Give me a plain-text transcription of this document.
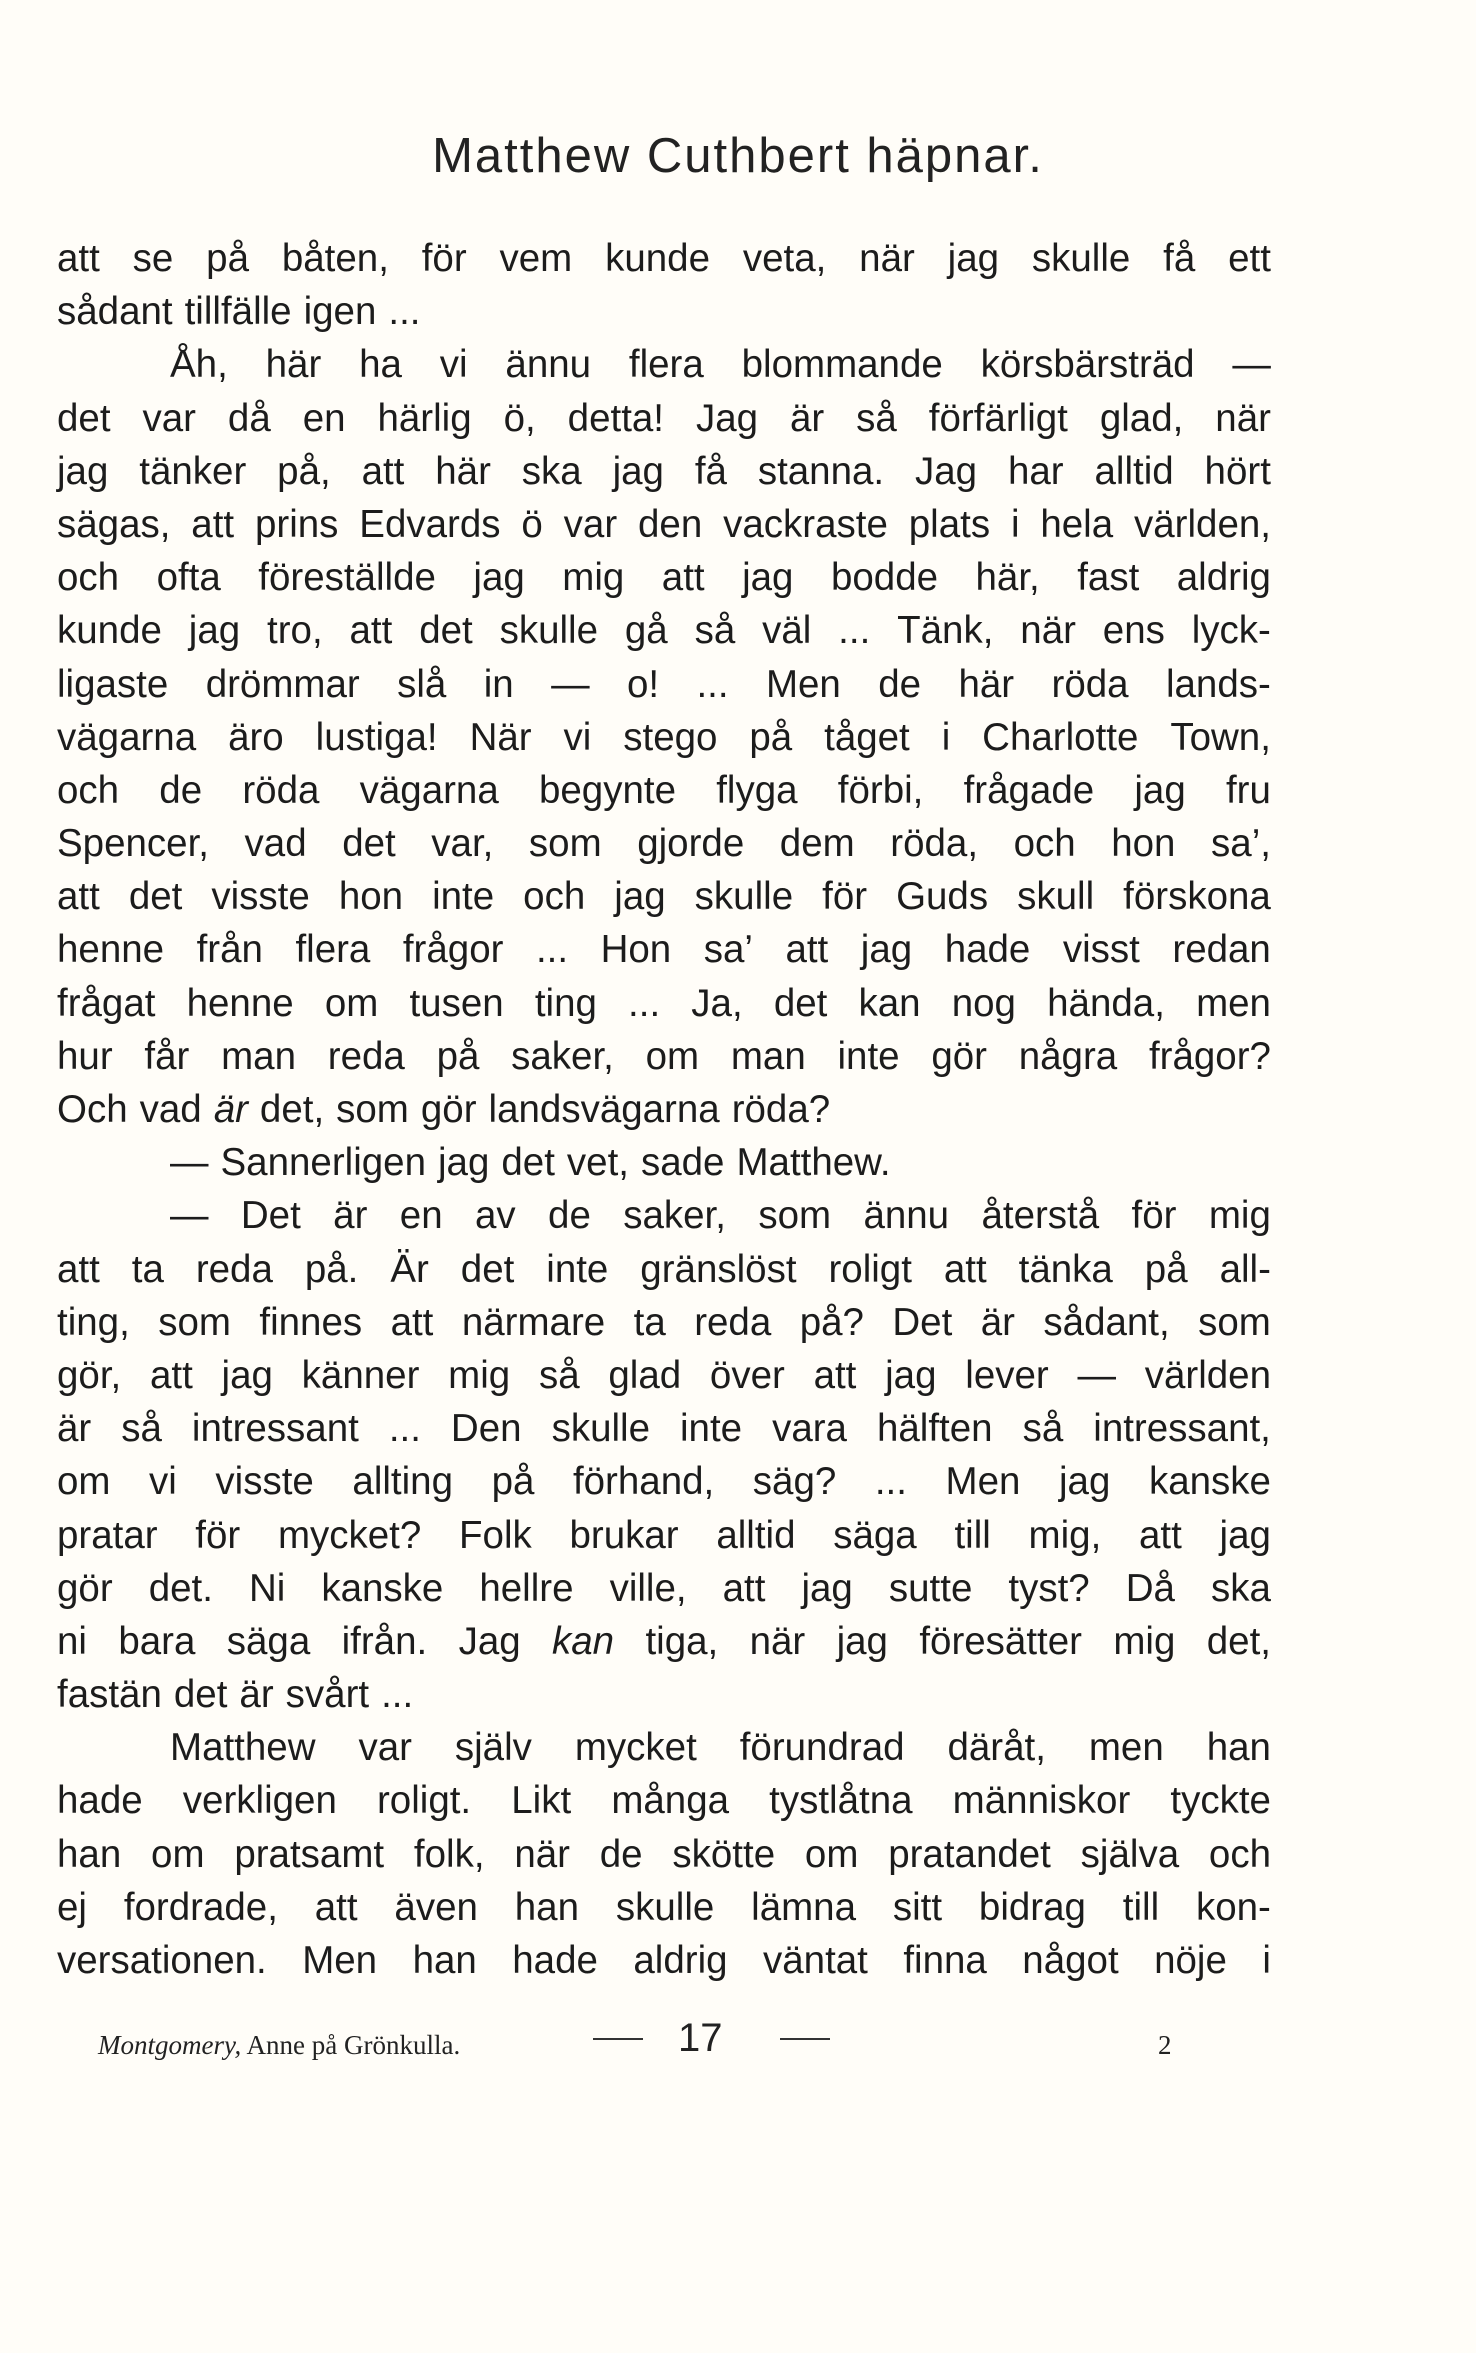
Matthew Cuthbert häpnar.
att se på båten, för vem kunde veta, när jag skulle få ett
sådant tillfälle igen ...
Åh, här ha vi ännu flera blommande körsbärsträd —
det var då en härlig ö, detta! Jag är så förfärligt glad, när
jag tänker på, att här ska jag få stanna. Jag har alltid hört
sägas, att prins Edvards ö var den vackraste plats i hela världen,
och ofta föreställde jag mig att jag bodde här, fast aldrig
kunde jag tro, att det skulle gå så väl ... Tänk, när ens lyck-
ligaste drömmar slå in — o! ... Men de här röda lands-
vägarna äro lustiga! När vi stego på tåget i Charlotte Town,
och de röda vägarna begynte flyga förbi, frågade jag fru
Spencer, vad det var, som gjorde dem röda, och hon sa’,
att det visste hon inte och jag skulle för Guds skull förskona
henne från flera frågor ... Hon sa’ att jag hade visst redan
frågat henne om tusen ting ... Ja, det kan nog hända, men
hur får man reda på saker, om man inte gör några frågor?
Och vad är det, som gör landsvägarna röda?
— Sannerligen jag det vet, sade Matthew.
— Det är en av de saker, som ännu återstå för mig
att ta reda på. Är det inte gränslöst roligt att tänka på all-
ting, som finnes att närmare ta reda på? Det är sådant, som
gör, att jag känner mig så glad över att jag lever — världen
är så intressant ... Den skulle inte vara hälften så intressant,
om vi visste allting på förhand, säg? ... Men jag kanske
pratar för mycket? Folk brukar alltid säga till mig, att jag
gör det. Ni kanske hellre ville, att jag sutte tyst? Då ska
ni bara säga ifrån. Jag kan tiga, när jag föresätter mig det,
fastän det är svårt ...
Matthew var själv mycket förundrad däråt, men han
hade verkligen roligt. Likt många tystlåtna människor tyckte
han om pratsamt folk, när de skötte om pratandet själva och
ej fordrade, att även han skulle lämna sitt bidrag till kon-
versationen. Men han hade aldrig väntat finna något nöje i
Montgomery, Anne på Grönkulla.	17	2
